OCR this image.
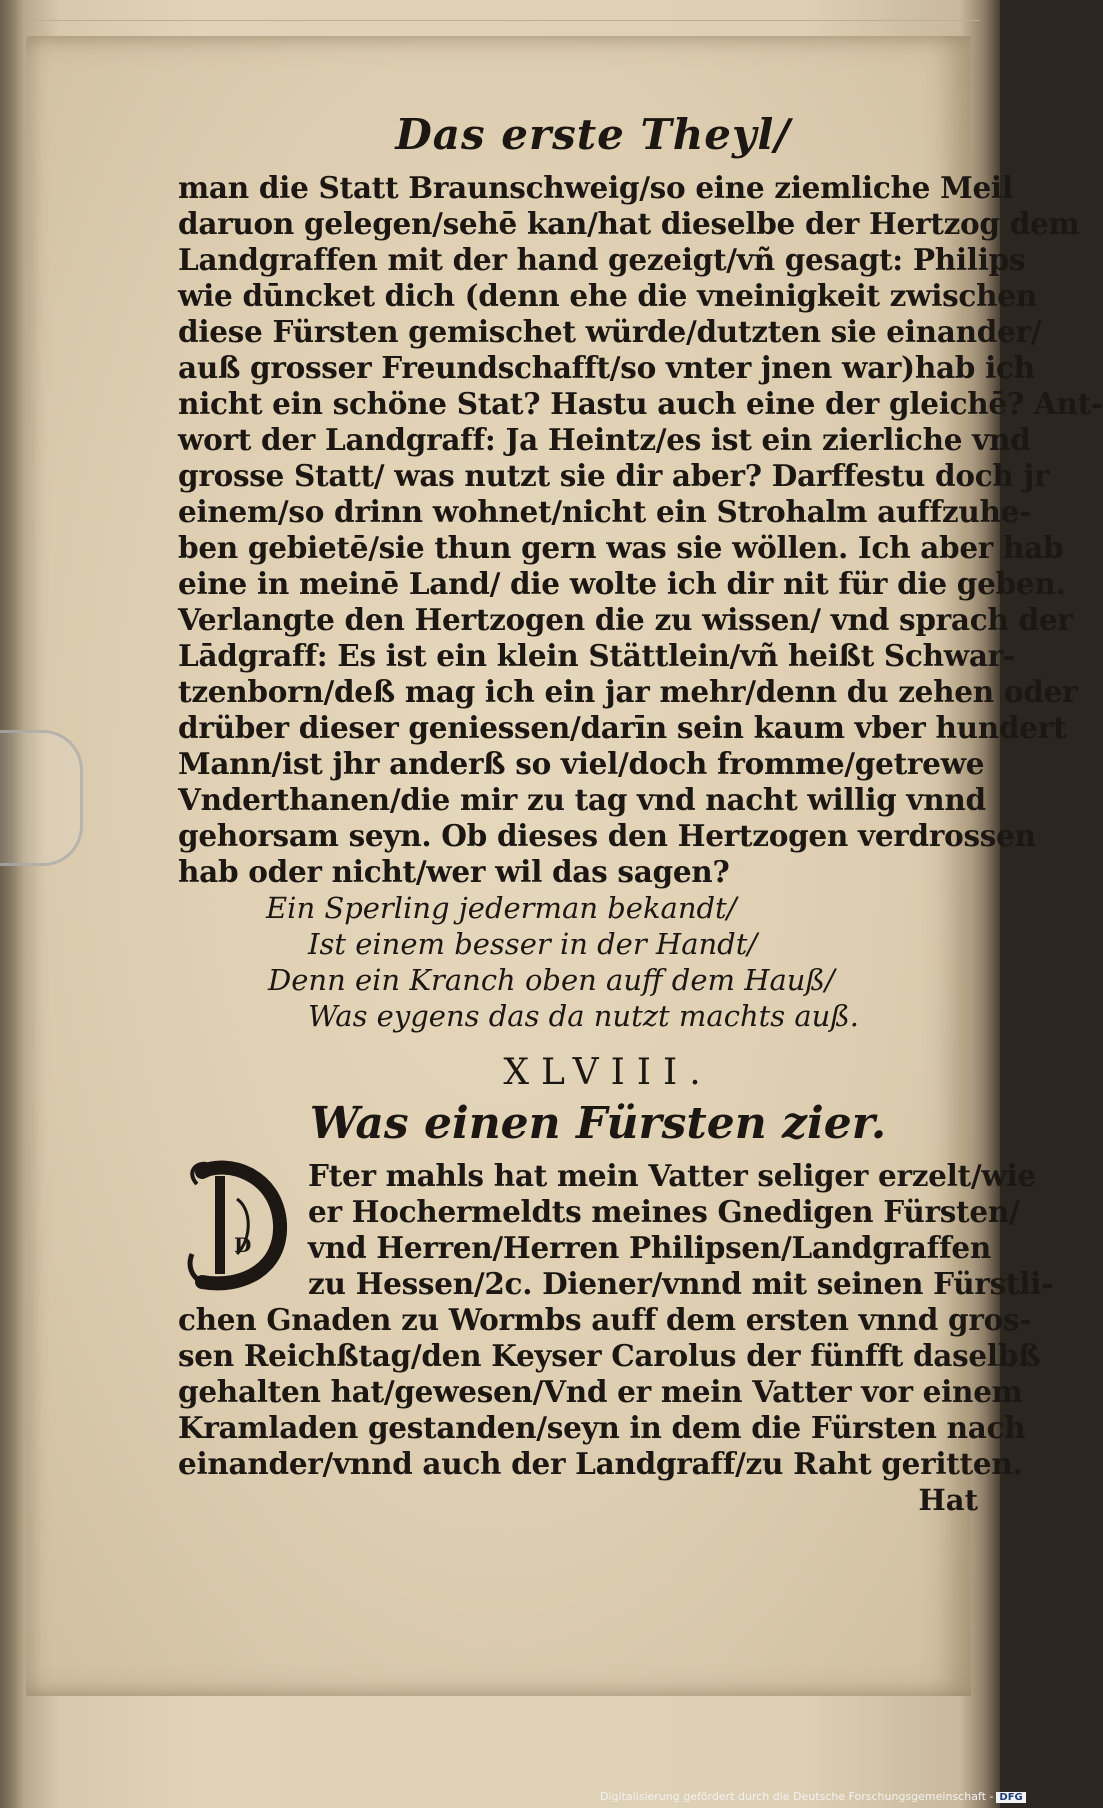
Das erste Theyl/
man die Statt Braunschweig/so eine ziemliche Meil
daruon gelegen/sehē kan/hat dieselbe der Hertzog dem
Landgraffen mit der hand gezeigt/vñ gesagt: Philips
wie dūncket dich (denn ehe die vneinigkeit zwischen
diese Fürsten gemischet würde/dutzten sie einander/
auß grosser Freundschafft/so vnter jnen war)hab ich
nicht ein schöne Stat? Hastu auch eine der gleichē? Ant-
wort der Landgraff: Ja Heintz/es ist ein zierliche vnd
grosse Statt/ was nutzt sie dir aber? Darffestu doch jr
einem/so drinn wohnet/nicht ein Strohalm auffzuhe-
ben gebietē/sie thun gern was sie wöllen. Ich aber hab
eine in meinē Land/ die wolte ich dir nit für die geben.
Verlangte den Hertzogen die zu wissen/ vnd sprach der
Lādgraff: Es ist ein klein Stättlein/vñ heißt Schwar-
tzenborn/deß mag ich ein jar mehr/denn du zehen oder
drüber dieser geniessen/darīn sein kaum vber hundert
Mann/ist jhr anderß so viel/doch fromme/getrewe
Vnderthanen/die mir zu tag vnd nacht willig vnnd
gehorsam seyn. Ob dieses den Hertzogen verdrossen
hab oder nicht/wer wil das sagen?
Ein Sperling jederman bekandt/
Ist einem besser in der Handt/
Denn ein Kranch oben auff dem Hauß/
Was eygens das da nutzt machts auß.
XLVIII.
Was einen Fürsten zier.
D
Fter mahls hat mein Vatter seliger erzelt/wie
er Hochermeldts meines Gnedigen Fürsten/
vnd Herren/Herren Philipsen/Landgraffen
zu Hessen/2c. Diener/vnnd mit seinen Fürstli-
chen Gnaden zu Wormbs auff dem ersten vnnd gros-
sen Reichßtag/den Keyser Carolus der fünfft daselbß
gehalten hat/gewesen/Vnd er mein Vatter vor einem
Kramladen gestanden/seyn in dem die Fürsten nach
einander/vnnd auch der Landgraff/zu Raht geritten.
Hat
Digitalisierung gefördert durch die Deutsche Forschungsgemeinschaft - DFG
